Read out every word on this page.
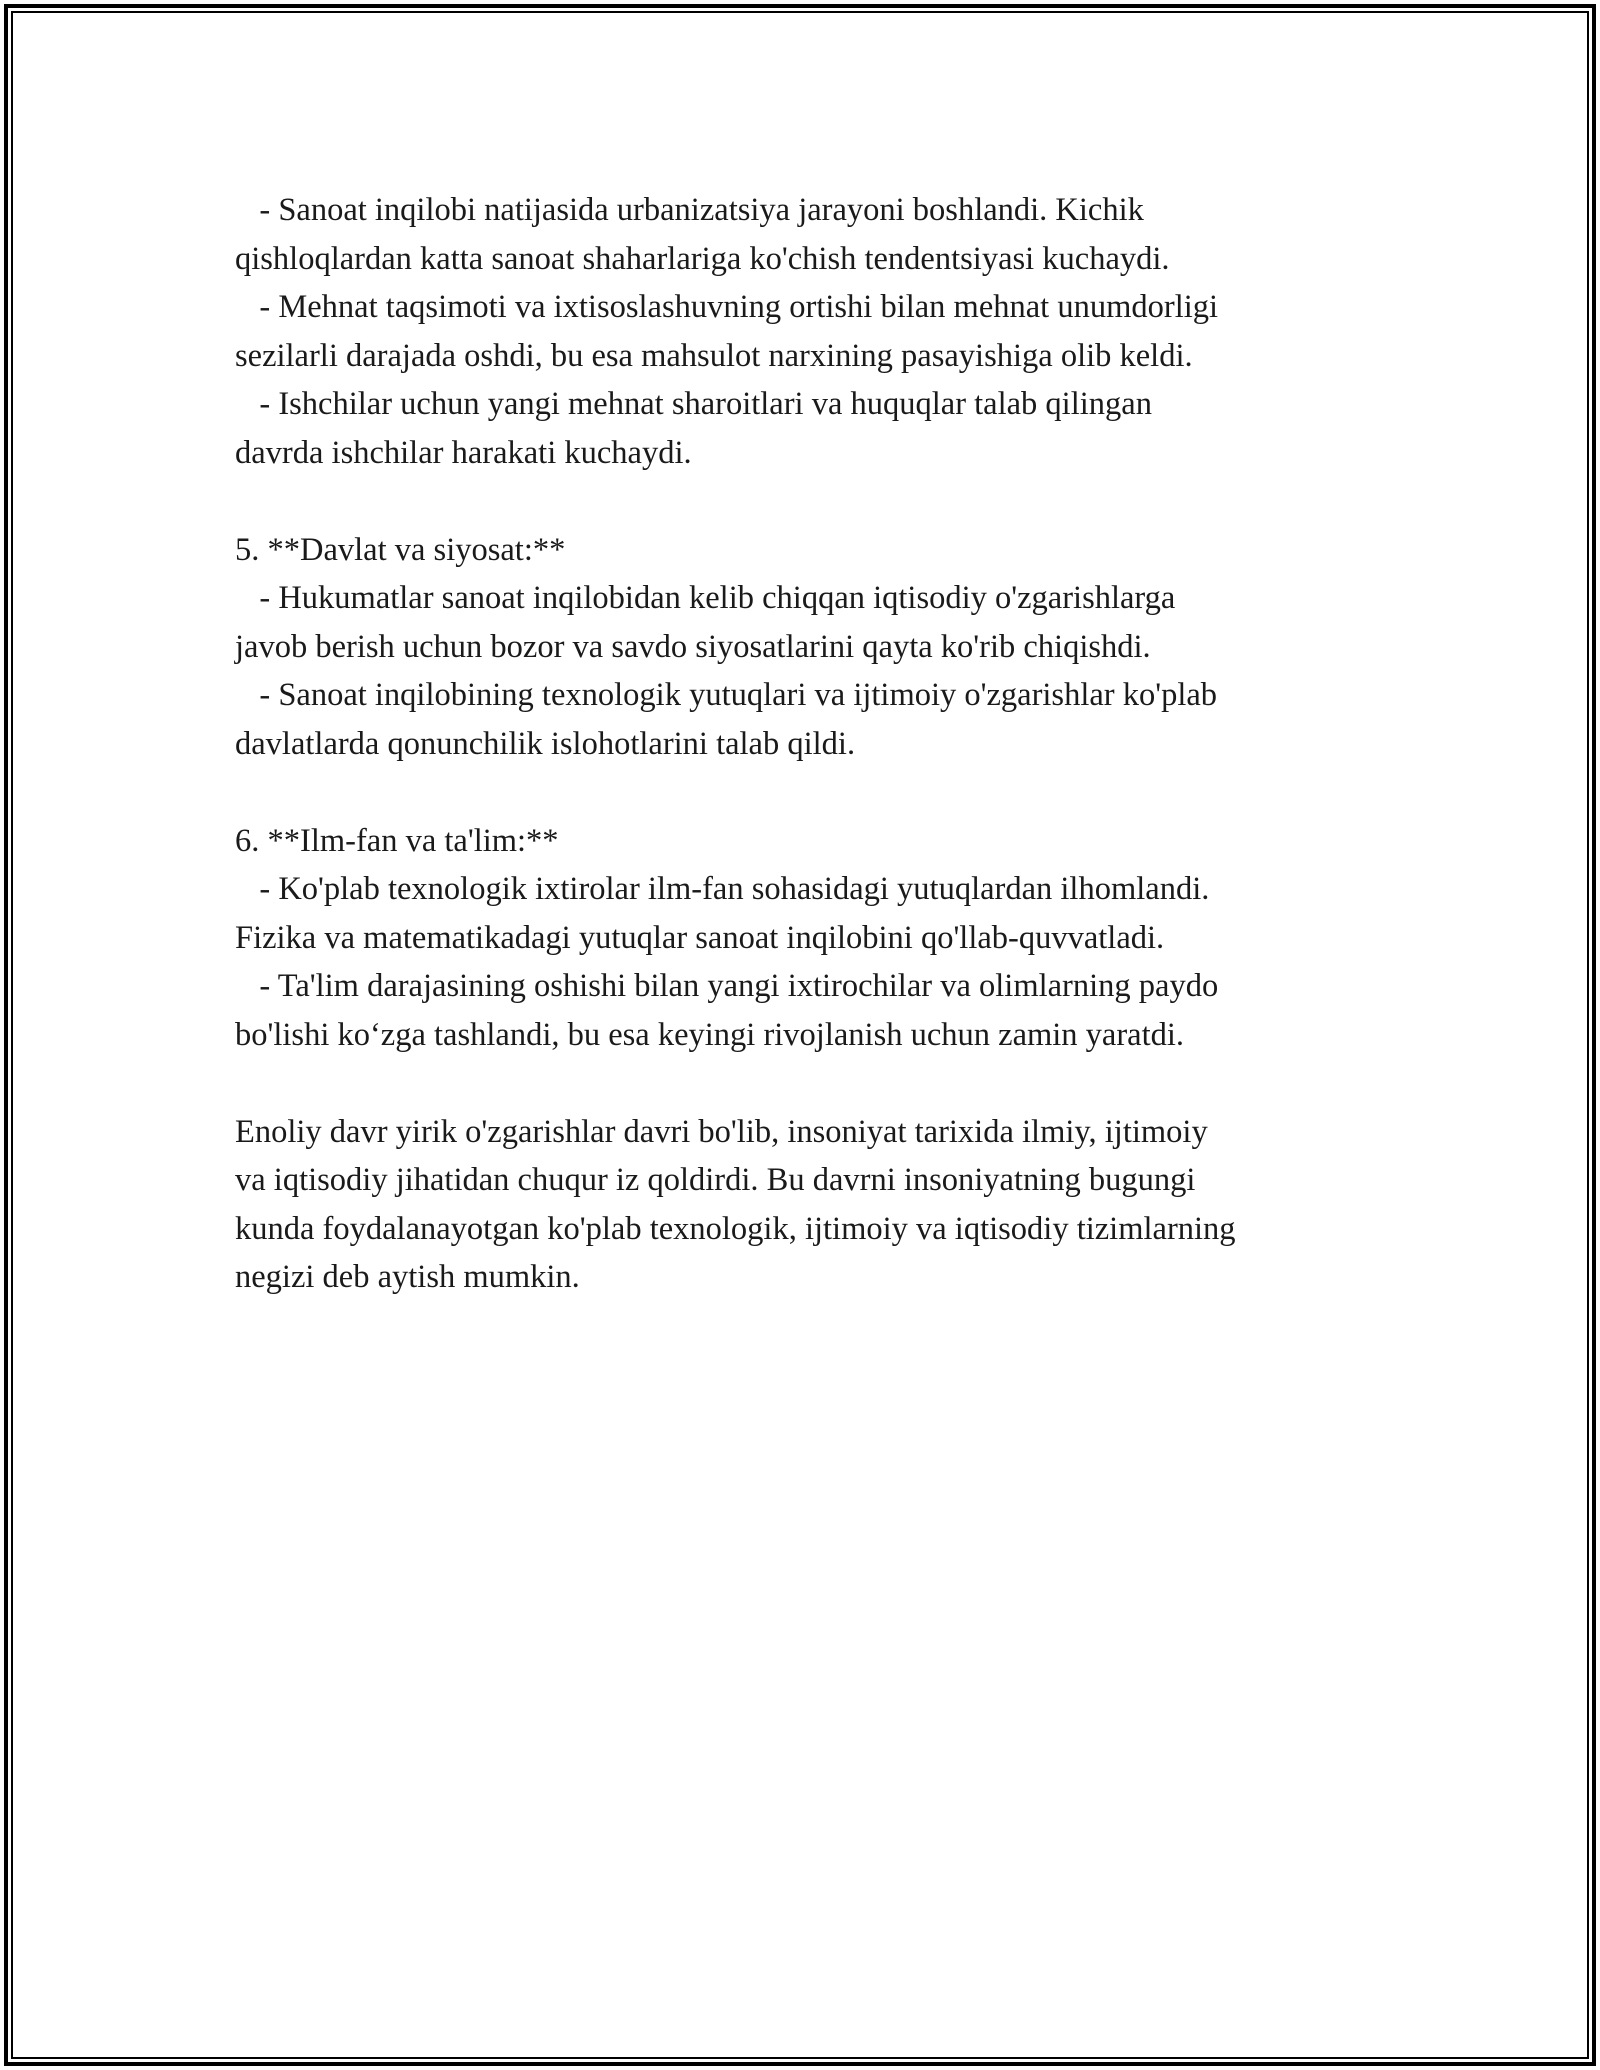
- Sanoat inqilobi natijasida urbanizatsiya jarayoni boshlandi. Kichik
qishloqlardan katta sanoat shaharlariga ko'chish tendentsiyasi kuchaydi.
- Mehnat taqsimoti va ixtisoslashuvning ortishi bilan mehnat unumdorligi
sezilarli darajada oshdi, bu esa mahsulot narxining pasayishiga olib keldi.
- Ishchilar uchun yangi mehnat sharoitlari va huquqlar talab qilingan
davrda ishchilar harakati kuchaydi.

5. **Davlat va siyosat:**
- Hukumatlar sanoat inqilobidan kelib chiqqan iqtisodiy o'zgarishlarga
javob berish uchun bozor va savdo siyosatlarini qayta ko'rib chiqishdi.
- Sanoat inqilobining texnologik yutuqlari va ijtimoiy o'zgarishlar ko'plab
davlatlarda qonunchilik islohotlarini talab qildi.

6. **Ilm-fan va ta'lim:**
- Ko'plab texnologik ixtirolar ilm-fan sohasidagi yutuqlardan ilhomlandi.
Fizika va matematikadagi yutuqlar sanoat inqilobini qo'llab-quvvatladi.
- Ta'lim darajasining oshishi bilan yangi ixtirochilar va olimlarning paydo
bo'lishi ko‘zga tashlandi, bu esa keyingi rivojlanish uchun zamin yaratdi.

Enoliy davr yirik o'zgarishlar davri bo'lib, insoniyat tarixida ilmiy, ijtimoiy
va iqtisodiy jihatidan chuqur iz qoldirdi. Bu davrni insoniyatning bugungi
kunda foydalanayotgan ko'plab texnologik, ijtimoiy va iqtisodiy tizimlarning
negizi deb aytish mumkin.
